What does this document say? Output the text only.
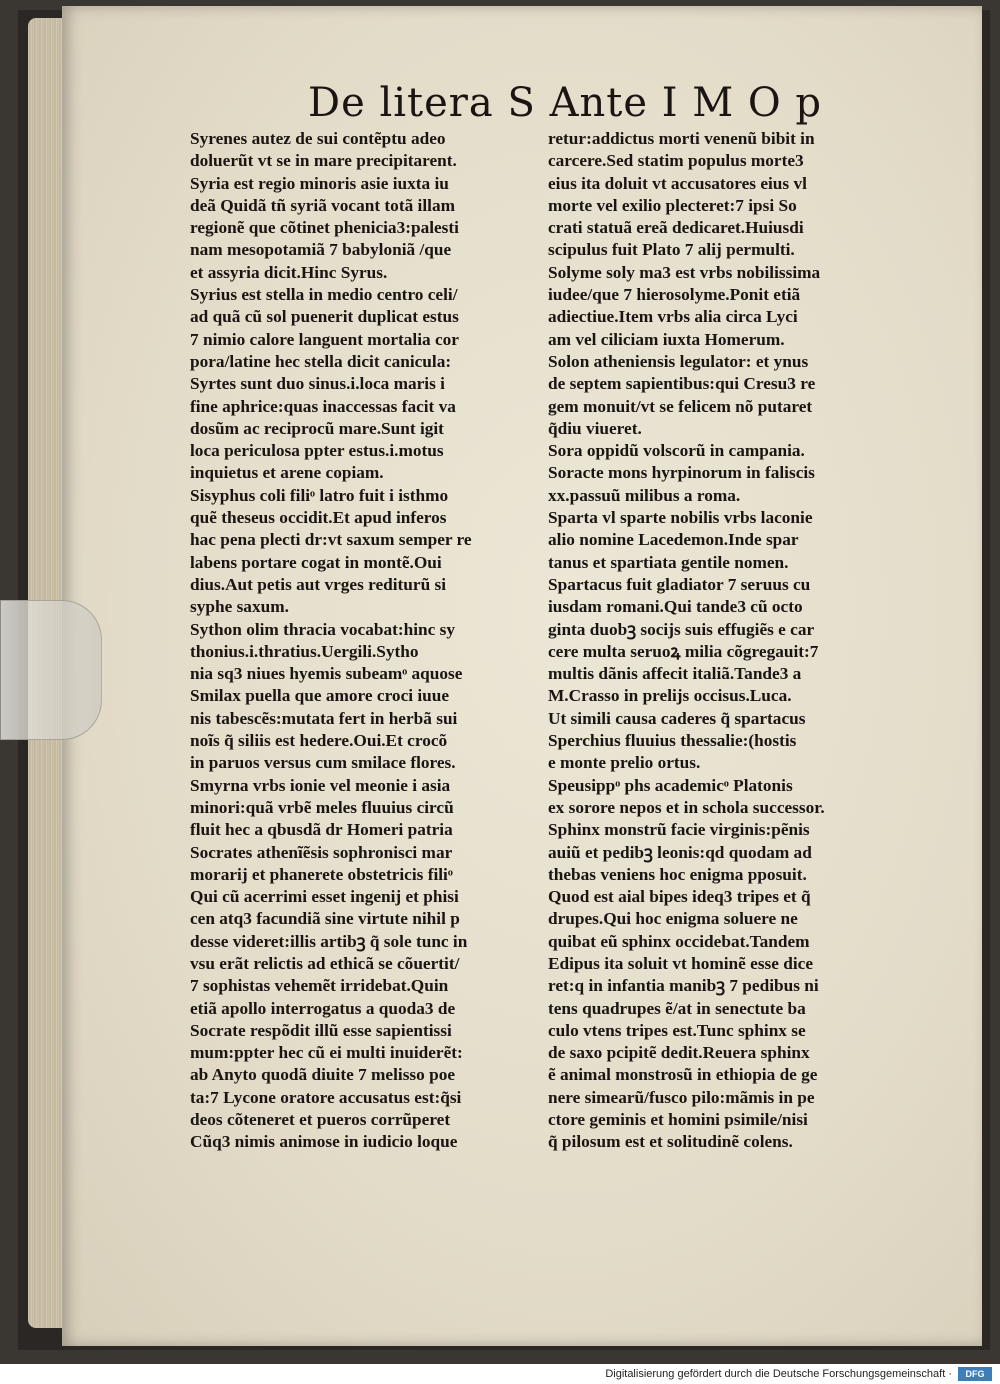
De litera S Ante I M O p
Syrenes autez de sui contẽptu adeo
doluerũt vt se in mare precipitarent.
Syria est regio minoris asie iuxta iu
deã Quidã tñ syriã vocant totã illam
regionẽ que cõtinet phenicia3:palesti
nam mesopotamiã 7 babyloniã /que
et assyria dicit.Hinc Syrus.
Syrius est stella in medio centro celi/
ad quã cũ sol puenerit duplicat estus
7 nimio calore languent mortalia cor
pora/latine hec stella dicit canicula:
Syrtes sunt duo sinus.i.loca maris i
fine aphrice:quas inaccessas facit va
dosũm ac reciprocũ mare.Sunt igit
loca periculosa ppter estus.i.motus
inquietus et arene copiam.
Sisyphus coli filiᵒ latro fuit i isthmo
quẽ theseus occidit.Et apud inferos
hac pena plecti dr:vt saxum semper re
labens portare cogat in montẽ.Oui
dius.Aut petis aut vrges rediturũ si
syphe saxum.
Sython olim thracia vocabat:hinc sy
thonius.i.thratius.Uergili.Sytho
nia sq3 niues hyemis subeamᵒ aquose
Smilax puella que amore croci iuue
nis tabescẽs:mutata fert in herbã sui
noĩs q̃ siliis est hedere.Oui.Et crocõ
in paruos versus cum smilace flores.
Smyrna vrbs ionie vel meonie i asia
minori:quã vrbẽ meles fluuius circũ
fluit hec a qbusdã dr Homeri patria
Socrates athenĩẽsis sophronisci mar
morarij et phanerete obstetricis filiᵒ
Qui cũ acerrimi esset ingenij et phisi
cen atq3 facundiã sine virtute nihil p
desse videret:illis artibꝫ q̃ sole tunc in
vsu erãt relictis ad ethicã se cõuertit/
7 sophistas vehemẽt irridebat.Quin
etiã apollo interrogatus a quoda3 de
Socrate respõdit illũ esse sapientissi
mum:ppter hec cũ ei multi inuiderẽt:
ab Anyto quodã diuite 7 melisso poe
ta:7 Lycone oratore accusatus est:q̃si
deos cõteneret et pueros corrũperet
Cũq3 nimis animose in iudicio loque
retur:addictus morti venenũ bibit in
carcere.Sed statim populus morte3
eius ita doluit vt accusatores eius vl
morte vel exilio plecteret:7 ipsi So
crati statuã ereã dedicaret.Huiusdi
scipulus fuit Plato 7 alij permulti.
Solyme soly ma3 est vrbs nobilissima
iudee/que 7 hierosolyme.Ponit etiã
adiectiue.Item vrbs alia circa Lyci
am vel ciliciam iuxta Homerum.
Solon atheniensis legulator: et ynus
de septem sapientibus:qui Cresu3 re
gem monuit/vt se felicem nõ putaret
q̃diu viueret.
Sora oppidũ volscorũ in campania.
Soracte mons hyrpinorum in faliscis
xx.passuũ milibus a roma.
Sparta vl sparte nobilis vrbs laconie
alio nomine Lacedemon.Inde spar
tanus et spartiata gentile nomen.
Spartacus fuit gladiator 7 seruus cu
iusdam romani.Qui tande3 cũ octo
ginta duobꝫ socijs suis effugiẽs e car
cere multa seruoꝝ milia cõgregauit:7
multis dãnis affecit italiã.Tande3 a
M.Crasso in prelijs occisus.Luca.
Ut simili causa caderes q̃ spartacus
Sperchius fluuius thessalie:(hostis
e monte prelio ortus.
Speusippᵒ phs academicᵒ Platonis
ex sorore nepos et in schola successor.
Sphinx monstrũ facie virginis:pẽnis
auiũ et pedibꝫ leonis:qd quodam ad
thebas veniens hoc enigma pposuit.
Quod est aial bipes ideq3 tripes et q̃
drupes.Qui hoc enigma soluere ne
quibat eũ sphinx occidebat.Tandem
Edipus ita soluit vt hominẽ esse dice
ret:q in infantia manibꝫ 7 pedibus ni
tens quadrupes ẽ/at in senectute ba
culo vtens tripes est.Tunc sphinx se
de saxo pcipitẽ dedit.Reuera sphinx
ẽ animal monstrosũ in ethiopia de ge
nere simearũ/fusco pilo:mãmis in pe
ctore geminis et homini psimile/nisi
q̃ pilosum est et solitudinẽ colens.
Digitalisierung gefördert durch die Deutsche Forschungsgemeinschaft ·	DFG
